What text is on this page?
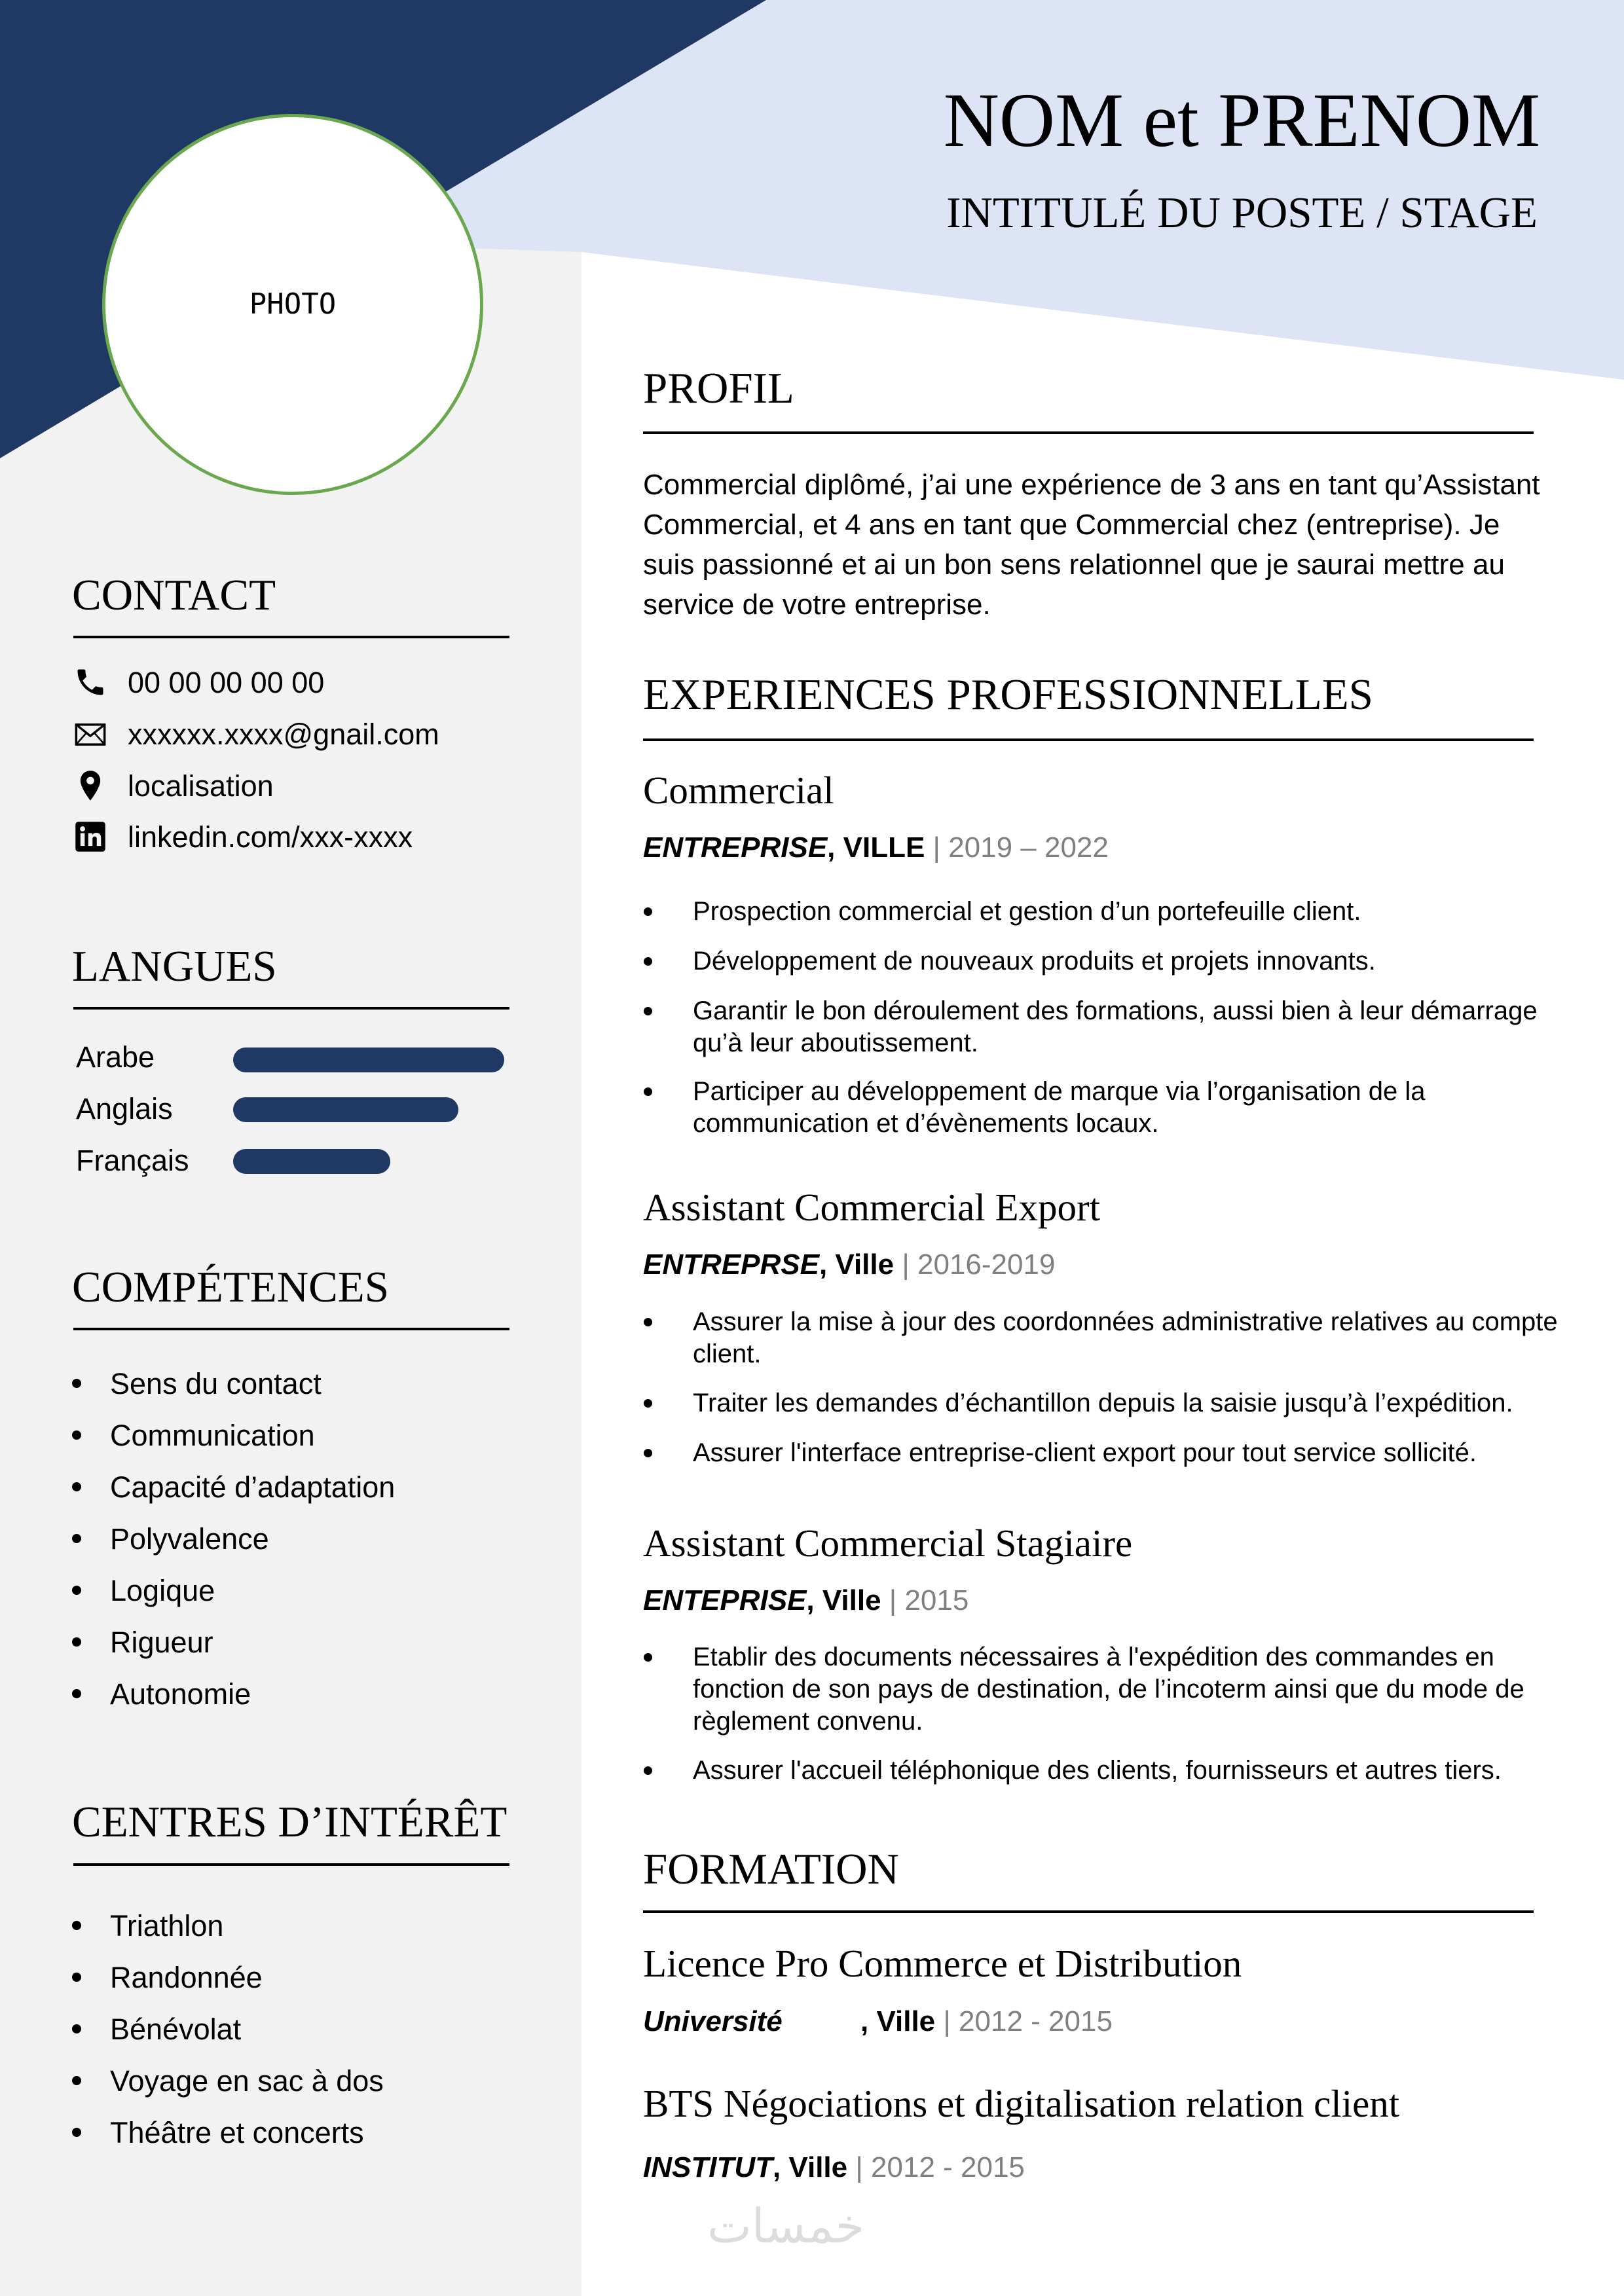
NOM et PRENOM
INTITULÉ DU POSTE / STAGE
PHOTO
CONTACT
00 00 00 00 00
xxxxxx.xxxx@gnail.com
localisation
linkedin.com/xxx-xxxx
LANGUES
Arabe
Anglais
Français
COMPÉTENCES
Sens du contact
Communication
Capacité d’adaptation
Polyvalence
Logique
Rigueur
Autonomie
CENTRES D’INTÉRÊT
Triathlon
Randonnée
Bénévolat
Voyage en sac à dos
Théâtre et concerts
PROFIL
Commercial diplômé, j’ai une expérience de 3 ans en tant qu’Assistant Commercial, et 4 ans en tant que Commercial chez (entreprise). Je suis passionné et ai un bon sens relationnel que je saurai mettre au service de votre entreprise.
EXPERIENCES PROFESSIONNELLES
Commercial
ENTREPRISE, VILLE | 2019 – 2022
Prospection commercial et gestion d’un portefeuille client.
Développement de nouveaux produits et projets innovants.
Garantir le bon déroulement des formations, aussi bien à leur démarrage qu’à leur aboutissement.
Participer au développement de marque via l’organisation de la communication et d’évènements locaux.
Assistant Commercial Export
ENTREPRSE, Ville | 2016-2019
Assurer la mise à jour des coordonnées administrative relatives au compte client.
Traiter les demandes d’échantillon depuis la saisie jusqu’à l’expédition.
Assurer l'interface entreprise-client export pour tout service sollicité.
Assistant Commercial Stagiaire
ENTEPRISE, Ville | 2015
Etablir des documents nécessaires à l'expédition des commandes en fonction de son pays de destination, de l’incoterm ainsi que du mode de règlement convenu.
Assurer l'accueil téléphonique des clients, fournisseurs et autres tiers.
FORMATION
Licence Pro Commerce et Distribution
Université	, Ville | 2012 - 2015
BTS Négociations et digitalisation relation client
INSTITUT, Ville | 2012 - 2015
خمسات
